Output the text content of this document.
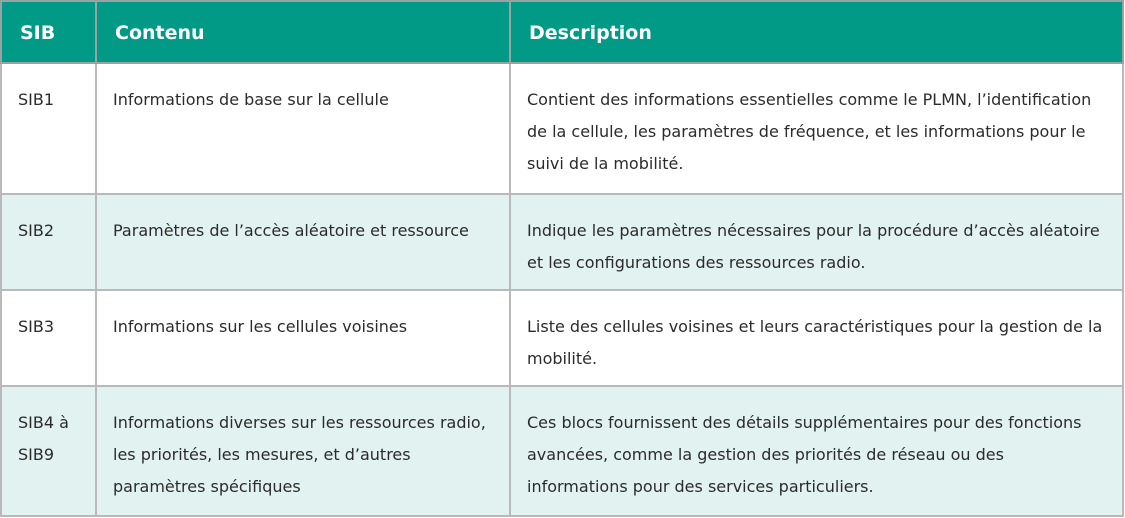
SIB	Contenu	Description
SIB1	Informations de base sur la cellule	Contient des informations essentielles comme le PLMN, l’identification de la cellule, les paramètres de fréquence, et les informations pour le suivi de la mobilité.
SIB2	Paramètres de l’accès aléatoire et ressource	Indique les paramètres nécessaires pour la procédure d’accès aléatoire et les configurations des ressources radio.
SIB3	Informations sur les cellules voisines	Liste des cellules voisines et leurs caractéristiques pour la gestion de la mobilité.
SIB4 à SIB9	Informations diverses sur les ressources radio, les priorités, les mesures, et d’autres paramètres spécifiques	Ces blocs fournissent des détails supplémentaires pour des fonctions avancées, comme la gestion des priorités de réseau ou des informations pour des services particuliers.
